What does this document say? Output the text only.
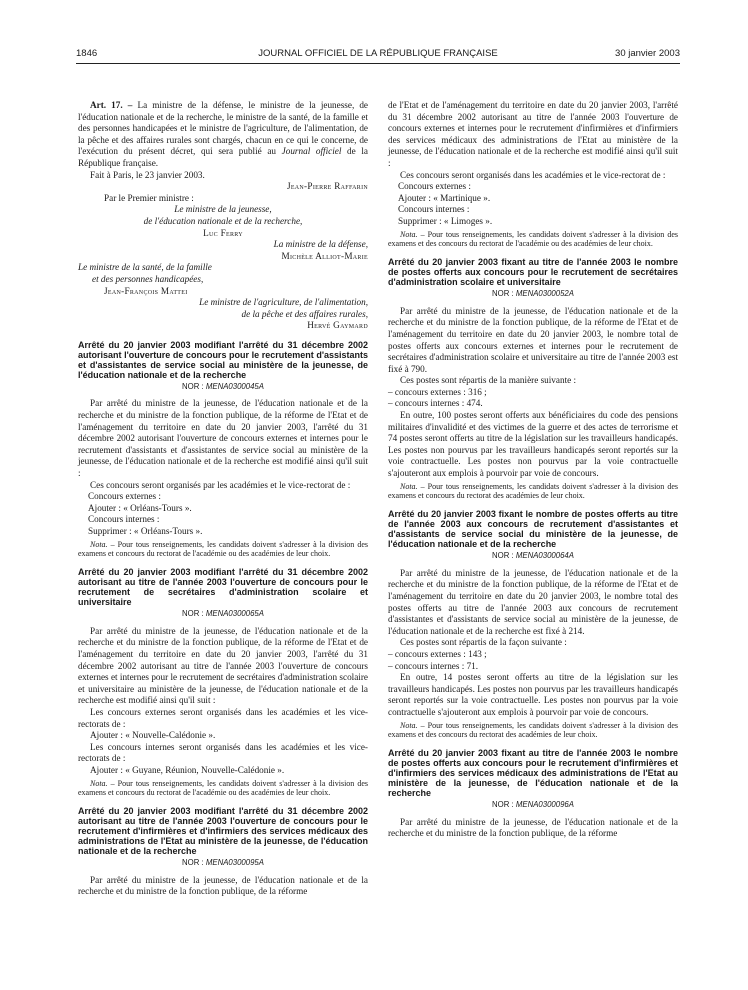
1846	JOURNAL OFFICIEL DE LA RÉPUBLIQUE FRANÇAISE	30 janvier 2003

Art. 17. – La ministre de la défense, le ministre de la jeunesse, de l'éducation nationale et de la recherche, le ministre de la santé, de la famille et des personnes handicapées et le ministre de l'agriculture, de l'alimentation, de la pêche et des affaires rurales sont chargés, chacun en ce qui le concerne, de l'exécution du présent décret, qui sera publié au Journal officiel de la République française.

Fait à Paris, le 23 janvier 2003.

Jean-Pierre Raffarin
Par le Premier ministre :
Le ministre de la jeunesse,
de l'éducation nationale et de la recherche,
Luc Ferry
La ministre de la défense,
Michèle Alliot-Marie
Le ministre de la santé, de la famille
et des personnes handicapées,
Jean-François Mattei
Le ministre de l'agriculture, de l'alimentation,
de la pêche et des affaires rurales,
Hervé Gaymard
Arrêté du 20 janvier 2003 modifiant l'arrêté du 31 décembre 2002 autorisant l'ouverture de concours pour le recrutement d'assistants et d'assistantes de service social au ministère de la jeunesse, de l'éducation nationale et de la recherche
NOR : MENA0300045A

Par arrêté du ministre de la jeunesse, de l'éducation nationale et de la recherche et du ministre de la fonction publique, de la réforme de l'Etat et de l'aménagement du territoire en date du 20 janvier 2003, l'arrêté du 31 décembre 2002 autorisant l'ouverture de concours externes et internes pour le recrutement d'assistants et d'assistantes de service social au ministère de la jeunesse, de l'éducation nationale et de la recherche est modifié ainsi qu'il suit :

Ces concours seront organisés par les académies et le vice-rectorat de :

Concours externes :
Ajouter : « Orléans-Tours ».
Concours internes :
Supprimer : « Orléans-Tours ».

Nota. – Pour tous renseignements, les candidats doivent s'adresser à la division des examens et concours du rectorat de l'académie ou des académies de leur choix.

Arrêté du 20 janvier 2003 modifiant l'arrêté du 31 décembre 2002 autorisant au titre de l'année 2003 l'ouverture de concours pour le recrutement de secrétaires d'administration scolaire et universitaire
NOR : MENA0300065A

Par arrêté du ministre de la jeunesse, de l'éducation nationale et de la recherche et du ministre de la fonction publique, de la réforme de l'Etat et de l'aménagement du territoire en date du 20 janvier 2003, l'arrêté du 31 décembre 2002 autorisant au titre de l'année 2003 l'ouverture de concours externes et internes pour le recrutement de secrétaires d'administration scolaire et universitaire au ministère de la jeunesse, de l'éducation nationale et de la recherche est modifié ainsi qu'il suit :

Les concours externes seront organisés dans les académies et les vice-rectorats de :

Ajouter : « Nouvelle-Calédonie ».

Les concours internes seront organisés dans les académies et les vice-rectorats de :

Ajouter : « Guyane, Réunion, Nouvelle-Calédonie ».

Nota. – Pour tous renseignements, les candidats doivent s'adresser à la division des examens et concours du rectorat de l'académie ou des académies de leur choix.

Arrêté du 20 janvier 2003 modifiant l'arrêté du 31 décembre 2002 autorisant au titre de l'année 2003 l'ouverture de concours pour le recrutement d'infirmières et d'infirmiers des services médicaux des administrations de l'Etat au ministère de la jeunesse, de l'éducation nationale et de la recherche
NOR : MENA0300095A

Par arrêté du ministre de la jeunesse, de l'éducation nationale et de la recherche et du ministre de la fonction publique, de la réforme

de l'Etat et de l'aménagement du territoire en date du 20 janvier 2003, l'arrêté du 31 décembre 2002 autorisant au titre de l'année 2003 l'ouverture de concours externes et internes pour le recrutement d'infirmières et d'infirmiers des services médicaux des administrations de l'Etat au ministère de la jeunesse, de l'éducation nationale et de la recherche est modifié ainsi qu'il suit :

Ces concours seront organisés dans les académies et le vice-rectorat de :

Concours externes :
Ajouter : « Martinique ».
Concours internes :
Supprimer : « Limoges ».

Nota. – Pour tous renseignements, les candidats doivent s'adresser à la division des examens et des concours du rectorat de l'académie ou des académies de leur choix.

Arrêté du 20 janvier 2003 fixant au titre de l'année 2003 le nombre de postes offerts aux concours pour le recrutement de secrétaires d'administration scolaire et universitaire
NOR : MENA0300052A

Par arrêté du ministre de la jeunesse, de l'éducation nationale et de la recherche et du ministre de la fonction publique, de la réforme de l'Etat et de l'aménagement du territoire en date du 20 janvier 2003, le nombre total de postes offerts aux concours externes et internes pour le recrutement de secrétaires d'administration scolaire et universitaire au titre de l'année 2003 est fixé à 790.

Ces postes sont répartis de la manière suivante :

– concours externes : 316 ;
– concours internes : 474.

En outre, 100 postes seront offerts aux bénéficiaires du code des pensions militaires d'invalidité et des victimes de la guerre et des actes de terrorisme et 74 postes seront offerts au titre de la législation sur les travailleurs handicapés. Les postes non pourvus par les travailleurs handicapés seront reportés sur la voie contractuelle. Les postes non pourvus par la voie contractuelle s'ajouteront aux emplois à pourvoir par voie de concours.

Nota. – Pour tous renseignements, les candidats doivent s'adresser à la division des examens et concours du rectorat des académies de leur choix.

Arrêté du 20 janvier 2003 fixant le nombre de postes offerts au titre de l'année 2003 aux concours de recrutement d'assistantes et d'assistants de service social du ministère de la jeunesse, de l'éducation nationale et de la recherche
NOR : MENA0300064A

Par arrêté du ministre de la jeunesse, de l'éducation nationale et de la recherche et du ministre de la fonction publique, de la réforme de l'Etat et de l'aménagement du territoire en date du 20 janvier 2003, le nombre total des postes offerts au titre de l'année 2003 aux concours de recrutement d'assistantes et d'assistants de service social au ministère de la jeunesse, de l'éducation nationale et de la recherche est fixé à 214.

Ces postes sont répartis de la façon suivante :

– concours externes : 143 ;
– concours internes : 71.

En outre, 14 postes seront offerts au titre de la législation sur les travailleurs handicapés. Les postes non pourvus par les travailleurs handicapés seront reportés sur la voie contractuelle. Les postes non pourvus par la voie contractuelle s'ajouteront aux emplois à pourvoir par voie de concours.

Nota. – Pour tous renseignements, les candidats doivent s'adresser à la division des examens et des concours du rectorat des académies de leur choix.

Arrêté du 20 janvier 2003 fixant au titre de l'année 2003 le nombre de postes offerts aux concours pour le recrutement d'infirmières et d'infirmiers des services médicaux des administrations de l'Etat au ministère de la jeunesse, de l'éducation nationale et de la recherche
NOR : MENA0300096A

Par arrêté du ministre de la jeunesse, de l'éducation nationale et de la recherche et du ministre de la fonction publique, de la réforme
